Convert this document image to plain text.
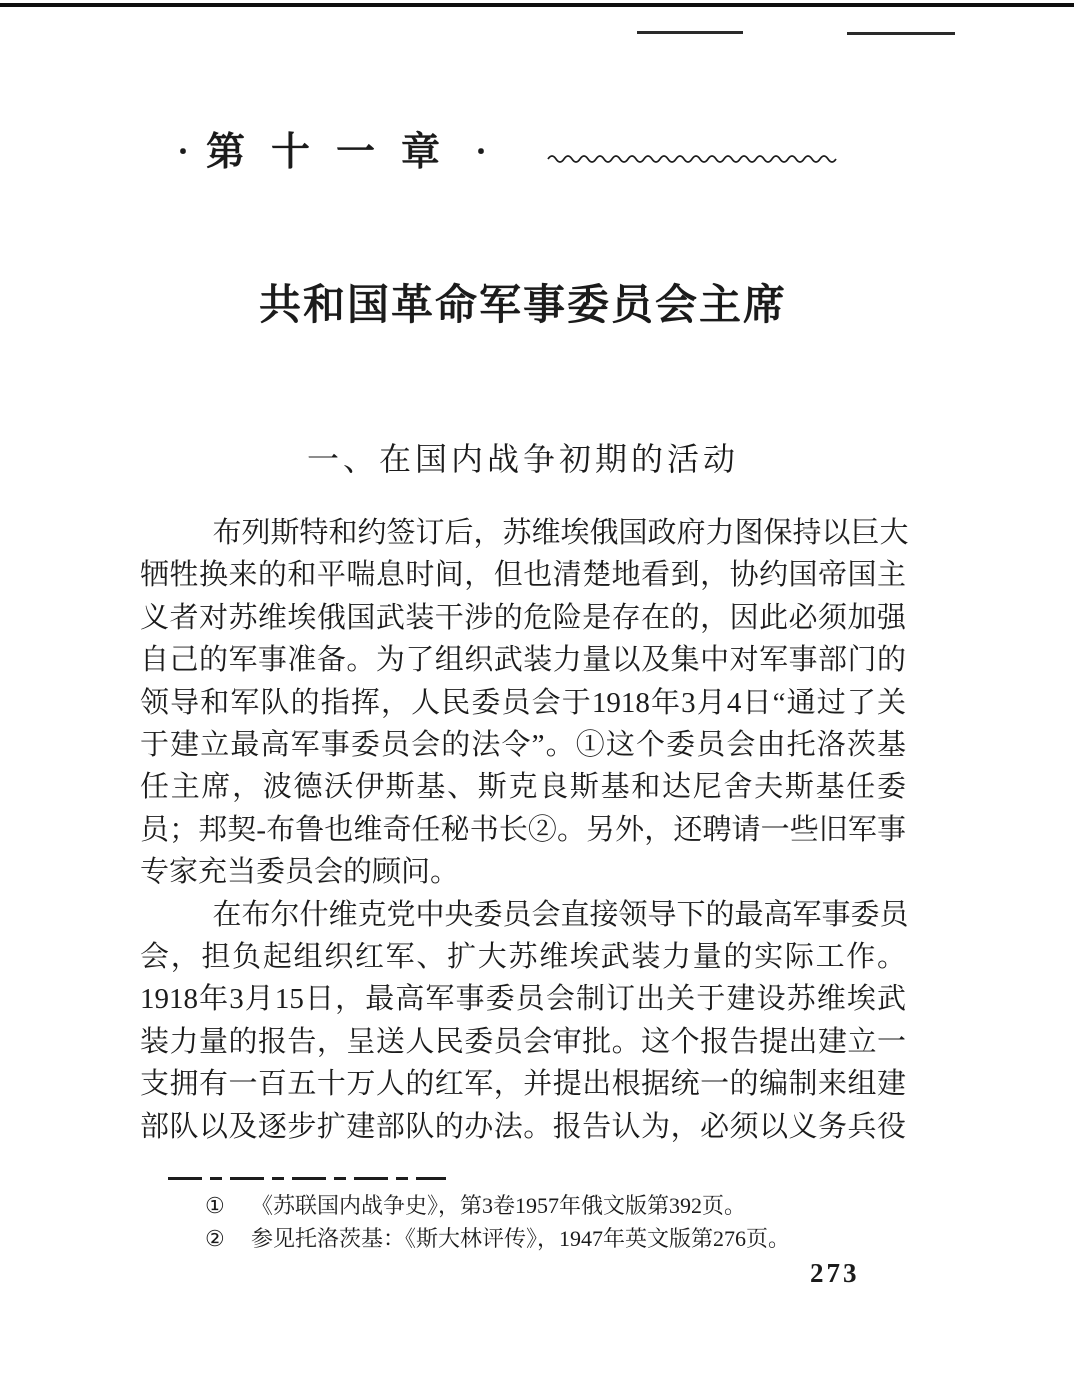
・ 第十一章 ・
共和国革命军事委员会主席
一、在国内战争初期的活动
布列斯特和约签订后，苏维埃俄国政府力图保持以巨大
牺牲换来的和平喘息时间，但也清楚地看到，协约国帝国主
义者对苏维埃俄国武装干涉的危险是存在的，因此必须加强
自己的军事准备。为了组织武装力量以及集中对军事部门的
领导和军队的指挥，人民委员会于1918年3月4日“通过了关
于建立最高军事委员会的法令”。①这个委员会由托洛茨基
任主席，波德沃伊斯基、斯克良斯基和达尼舍夫斯基任委
员；邦契-布鲁也维奇任秘书长②。另外，还聘请一些旧军事
专家充当委员会的顾问。
在布尔什维克党中央委员会直接领导下的最高军事委员
会，担负起组织红军、扩大苏维埃武装力量的实际工作。
1918年3月15日，最高军事委员会制订出关于建设苏维埃武
装力量的报告，呈送人民委员会审批。这个报告提出建立一
支拥有一百五十万人的红军，并提出根据统一的编制来组建
部队以及逐步扩建部队的办法。报告认为，必须以义务兵役
①	《苏联国内战争史》，第3卷1957年俄文版第392页。
②	参见托洛茨基：《斯大林评传》，1947年英文版第276页。
273
